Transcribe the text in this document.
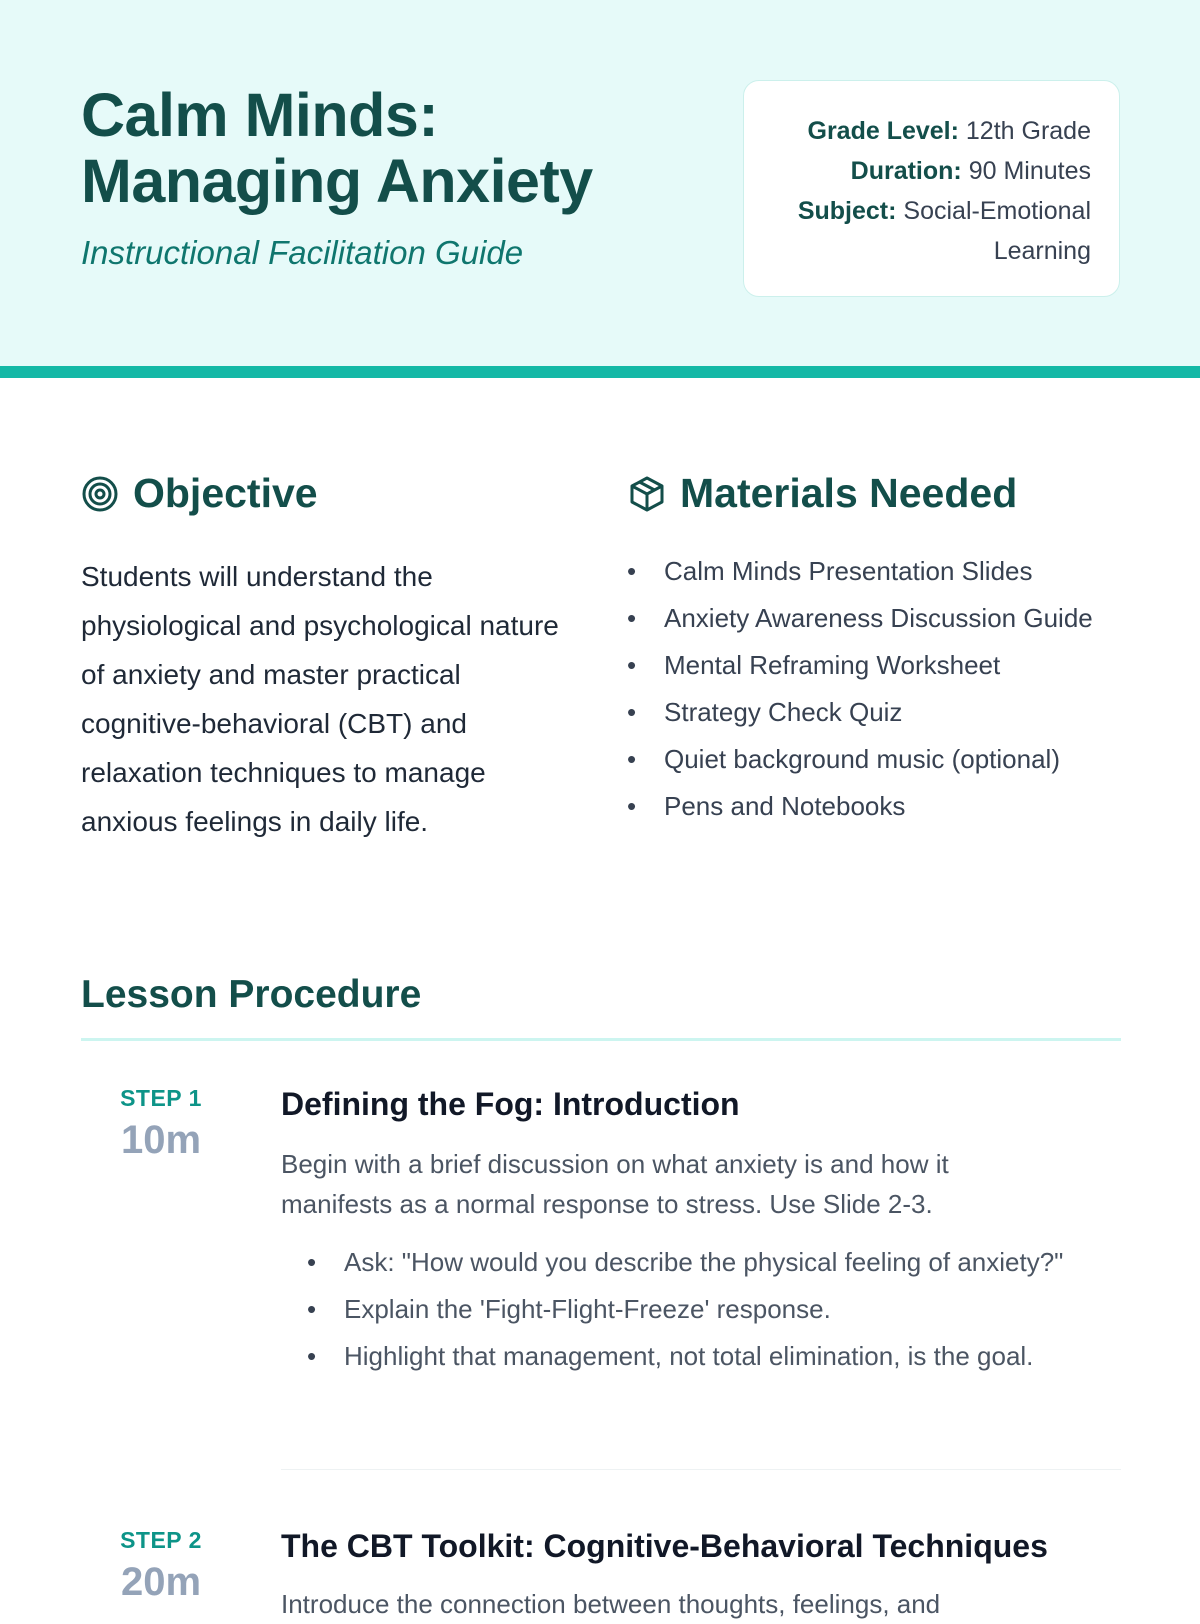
Calm Minds:
Managing Anxiety

Instructional Facilitation Guide

Grade Level: 12th Grade
Duration: 90 Minutes
Subject: Social-Emotional Learning
Objective

Students will understand the physiological and psychological nature of anxiety and master practical cognitive-behavioral (CBT) and relaxation techniques to manage anxious feelings in daily life.

Materials Needed
• Calm Minds Presentation Slides
• Anxiety Awareness Discussion Guide
• Mental Reframing Worksheet
• Strategy Check Quiz
• Quiet background music (optional)
• Pens and Notebooks
Lesson Procedure
STEP 1
10m
Defining the Fog: Introduction

Begin with a brief discussion on what anxiety is and how it manifests as a normal response to stress. Use Slide 2-3.

• Ask: "How would you describe the physical feeling of anxiety?"
• Explain the 'Fight-Flight-Freeze' response.
• Highlight that management, not total elimination, is the goal.
STEP 2
20m
The CBT Toolkit: Cognitive-Behavioral Techniques

Introduce the connection between thoughts, feelings, and
